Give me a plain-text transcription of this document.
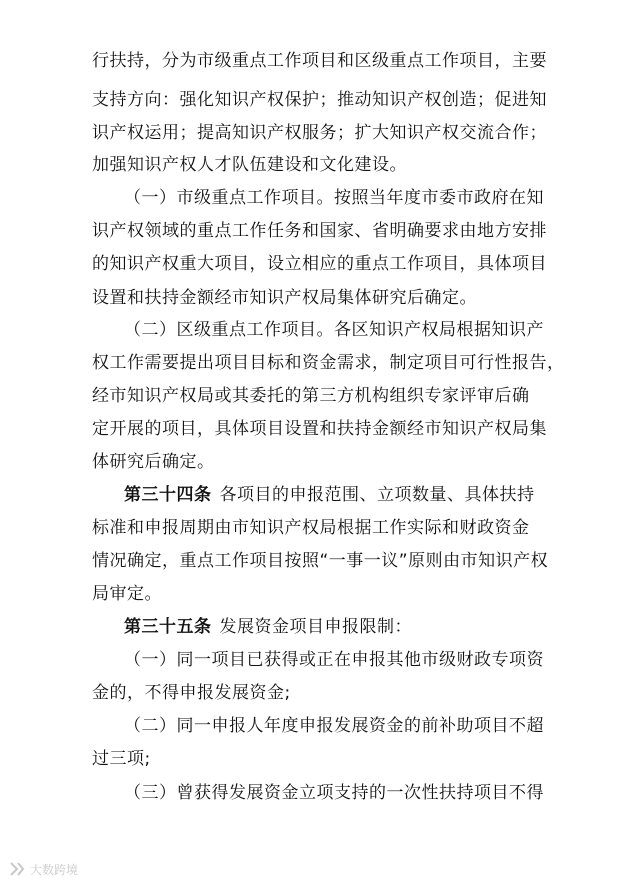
行扶持，分为市级重点工作项目和区级重点工作项目，主要
支持方向：强化知识产权保护；推动知识产权创造；促进知
识产权运用；提高知识产权服务；扩大知识产权交流合作；
加强知识产权人才队伍建设和文化建设。
（一）市级重点工作项目。按照当年度市委市政府在知
识产权领域的重点工作任务和国家、省明确要求由地方安排
的知识产权重大项目，设立相应的重点工作项目，具体项目
设置和扶持金额经市知识产权局集体研究后确定。
（二）区级重点工作项目。各区知识产权局根据知识产
权工作需要提出项目目标和资金需求，制定项目可行性报告，
经市知识产权局或其委托的第三方机构组织专家评审后确
定开展的项目，具体项目设置和扶持金额经市知识产权局集
体研究后确定。
第三十四条 各项目的申报范围、立项数量、具体扶持
标准和申报周期由市知识产权局根据工作实际和财政资金
情况确定，重点工作项目按照“一事一议”原则由市知识产权
局审定。
第三十五条 发展资金项目申报限制：
（一）同一项目已获得或正在申报其他市级财政专项资
金的，不得申报发展资金;
（二）同一申报人年度申报发展资金的前补助项目不超
过三项;
（三）曾获得发展资金立项支持的一次性扶持项目不得
大数跨境
